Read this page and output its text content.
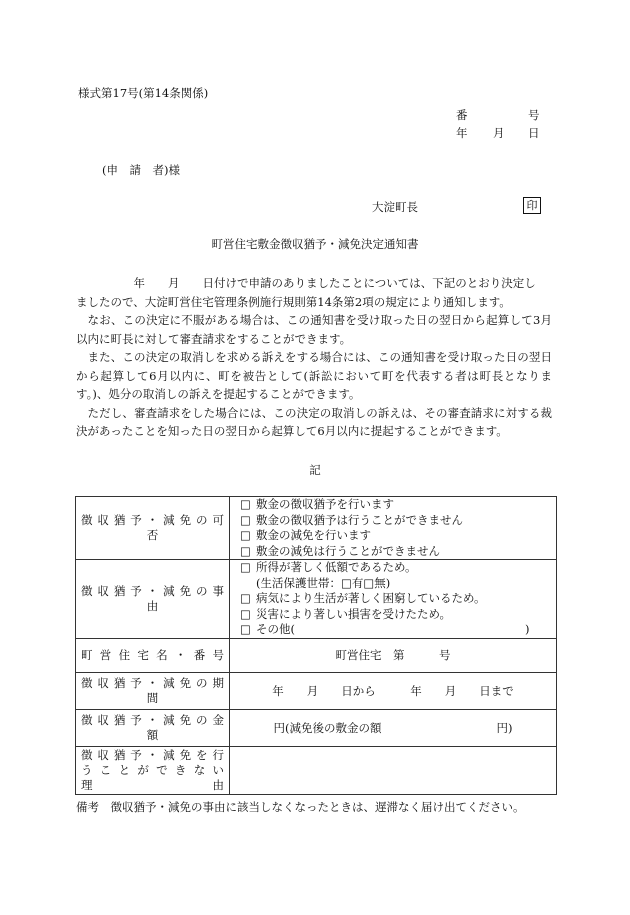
様式第17号(第14条関係)
番	号
年 月 日
(申　請　者)様
大淀町長	印
町営住宅敷金徴収猶予・減免決定通知書

　　　　　年　　月　　日付けで申請のありましたことについては、下記のとおり決定し
ましたので、大淀町営住宅管理条例施行規則第14条第2項の規定により通知します。

なお、この決定に不服がある場合は、この通知書を受け取った日の翌日から起算して3月以内に町長に対して審査請求をすることができます。

また、この決定の取消しを求める訴えをする場合には、この通知書を受け取った日の翌日から起算して6月以内に、町を被告として(訴訟において町を代表する者は町長となります。)、処分の取消しの訴えを提起することができます。

ただし、審査請求をした場合には、この決定の取消しの訴えは、その審査請求に対する裁決があったことを知った日の翌日から起算して6月以内に提起することができます。

記
徴収猶予・減免の可
否	□ 敷金の徴収猶予を行います
□ 敷金の徴収猶予は行うことができません
□ 敷金の減免を行います
□ 敷金の減免は行うことができません

徴収猶予・減免の事
由	□ 所得が著しく低額であるため。
(生活保護世帯：□有□無)
□ 病気により生活が著しく困窮しているため。
□ 災害により著しい損害を受けたため。
□ その他(　　　　　　　　　　　　　　　　　　　　)

町営住宅名・番号	町営住宅　第　　　号
徴収猶予・減免の期
間	年　　月　　日から　　　年　　月　　日まで
徴収猶予・減免の金
額	円(減免後の敷金の額　　　　　　　　　　円)

徴収猶予・減免を行
うことができない
理　　　　　　　由	

備考　徴収猶予・減免の事由に該当しなくなったときは、遅滞なく届け出てください。
